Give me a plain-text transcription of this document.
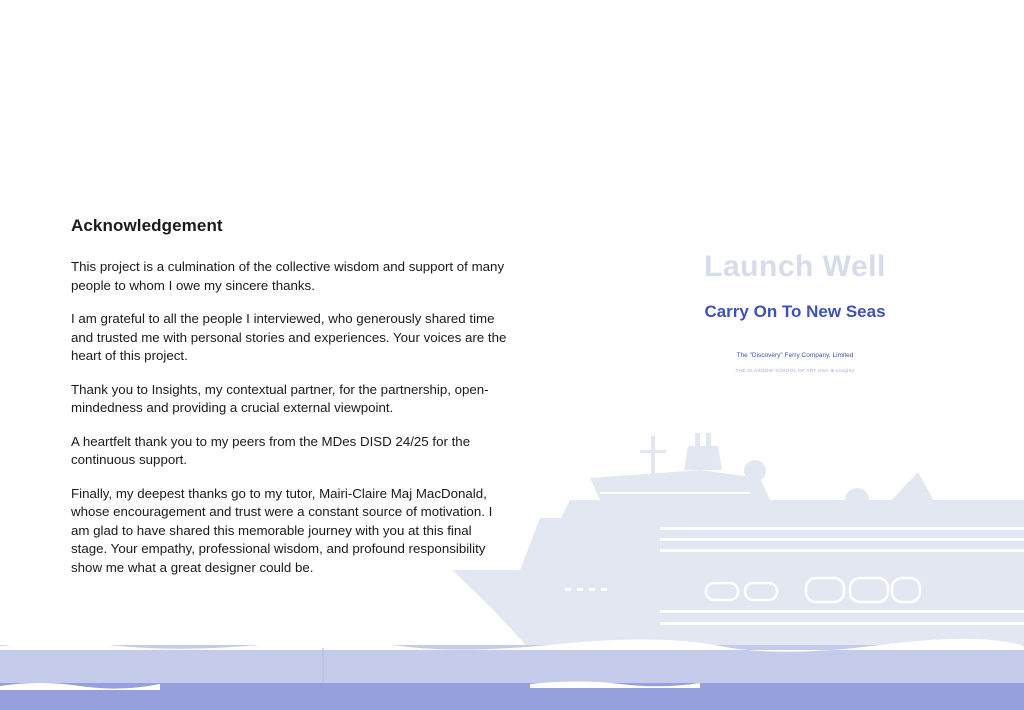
Acknowledgement

This project is a culmination of the collective wisdom and support of many people to whom I owe my sincere thanks.

I am grateful to all the people I interviewed, who generously shared time and trusted me with personal stories and experiences. Your voices are the heart of this project.

Thank you to Insights, my contextual partner, for the partnership, open-mindedness and providing a crucial external viewpoint.

A heartfelt thank you to my peers from the MDes DISD 24/25 for the continuous support.

Finally, my deepest thanks go to my tutor, Mairi-Claire Maj MacDonald, whose encouragement and trust were a constant source of motivation. I am glad to have shared this memorable journey with you at this final stage. Your empathy, professional wisdom, and profound responsibility show me what a great designer could be.

Launch Well
Carry On To New Seas
The "Discovery" Ferry Company, Limited
THE GLASGOW SCHOOL OF ART GSA ⊕ insights
